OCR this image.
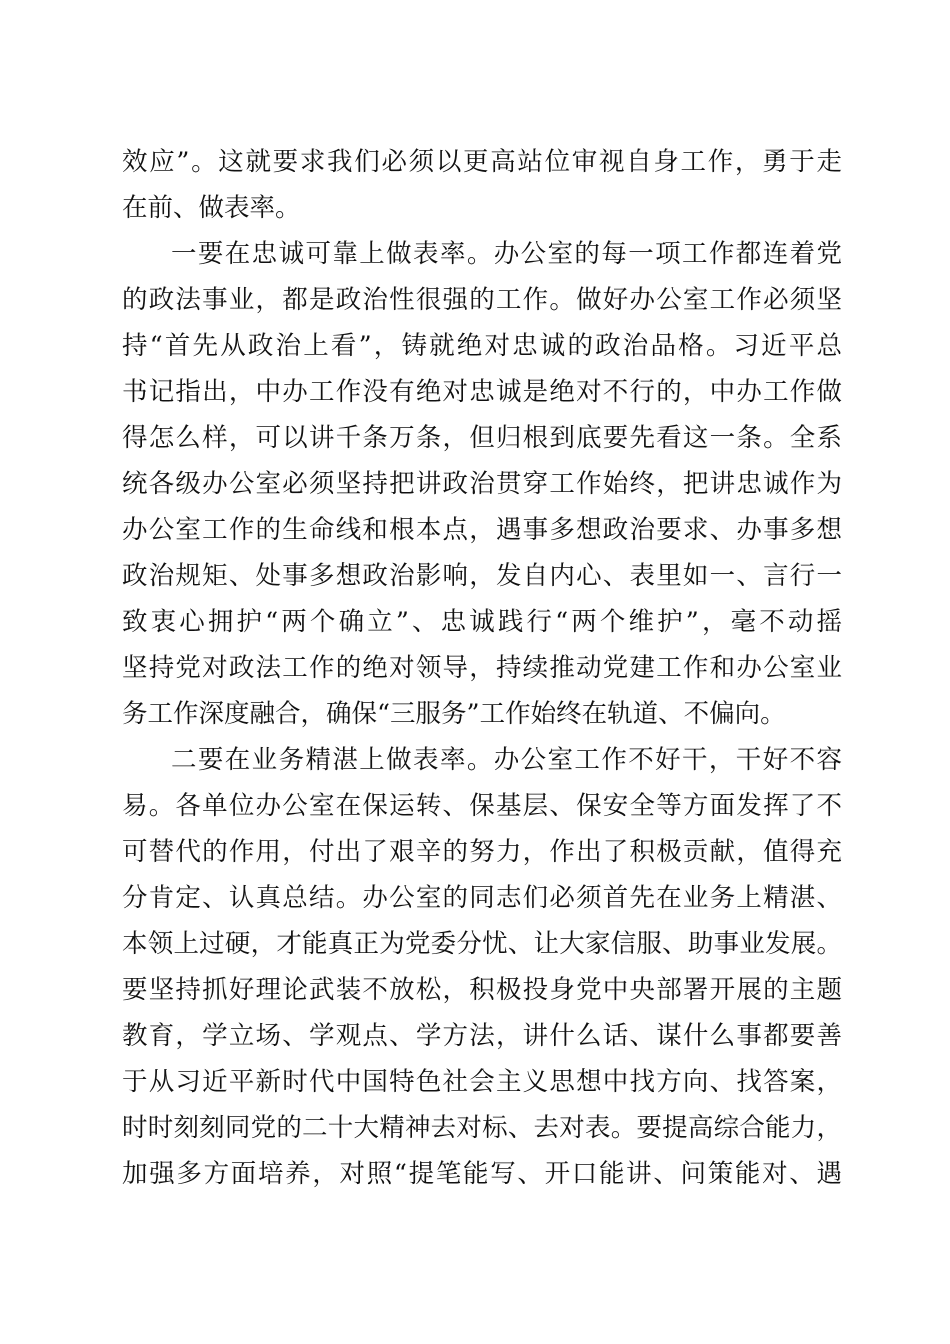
效应”。这就要求我们必须以更高站位审视自身工作，勇于走
在前、做表率。
一要在忠诚可靠上做表率。办公室的每一项工作都连着党
的政法事业，都是政治性很强的工作。做好办公室工作必须坚
持“首先从政治上看”，铸就绝对忠诚的政治品格。习近平总
书记指出，中办工作没有绝对忠诚是绝对不行的，中办工作做
得怎么样，可以讲千条万条，但归根到底要先看这一条。全系
统各级办公室必须坚持把讲政治贯穿工作始终，把讲忠诚作为
办公室工作的生命线和根本点，遇事多想政治要求、办事多想
政治规矩、处事多想政治影响，发自内心、表里如一、言行一
致衷心拥护“两个确立”、忠诚践行“两个维护”，毫不动摇
坚持党对政法工作的绝对领导，持续推动党建工作和办公室业
务工作深度融合，确保“三服务”工作始终在轨道、不偏向。
二要在业务精湛上做表率。办公室工作不好干，干好不容
易。各单位办公室在保运转、保基层、保安全等方面发挥了不
可替代的作用，付出了艰辛的努力，作出了积极贡献，值得充
分肯定、认真总结。办公室的同志们必须首先在业务上精湛、
本领上过硬，才能真正为党委分忧、让大家信服、助事业发展。
要坚持抓好理论武装不放松，积极投身党中央部署开展的主题
教育，学立场、学观点、学方法，讲什么话、谋什么事都要善
于从习近平新时代中国特色社会主义思想中找方向、找答案，
时时刻刻同党的二十大精神去对标、去对表。要提高综合能力，
加强多方面培养，对照“提笔能写、开口能讲、问策能对、遇
